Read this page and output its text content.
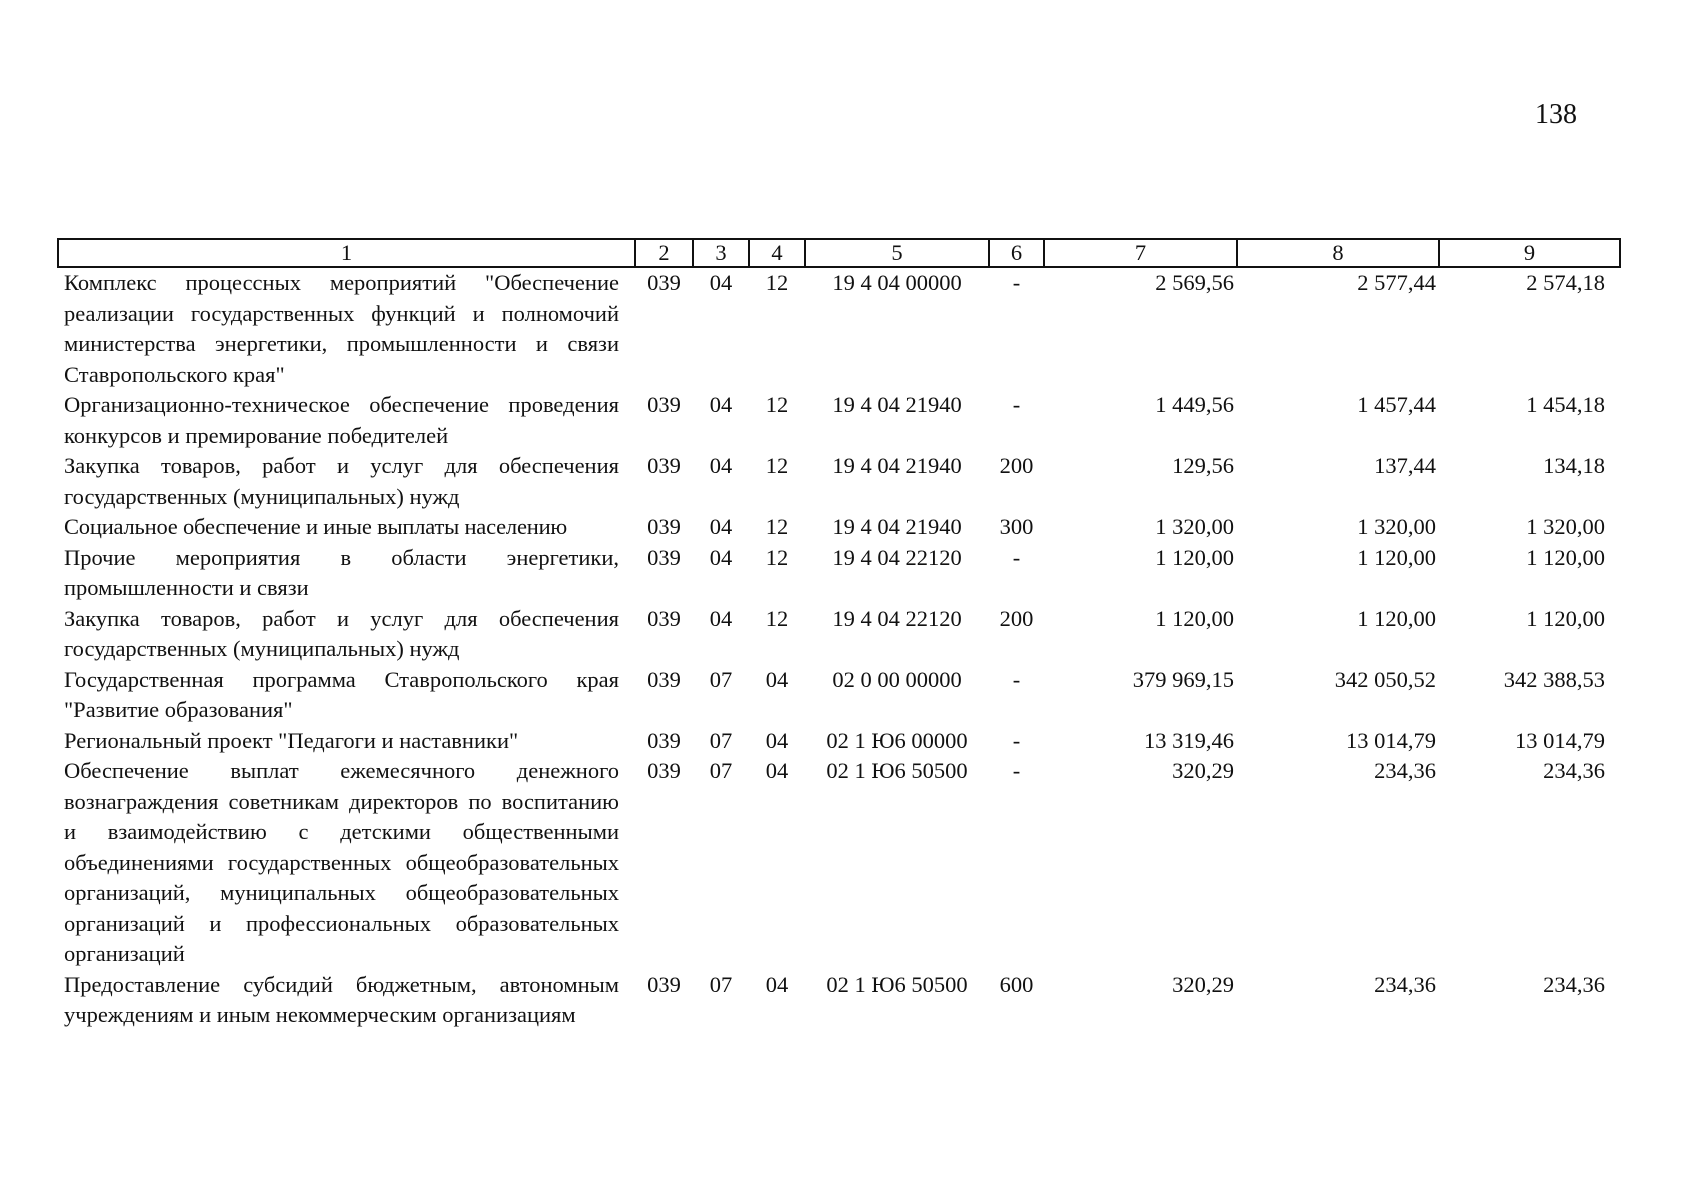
138
1	2	3	4	5	6	7	8	9
Комплекс процессных мероприятий "Обеспечение реализации государственных функций и полномочий министерства энергетики, промышленности и связи Ставропольского края"	039	04	12	19 4 04 00000	-	2 569,56	2 577,44	2 574,18
Организационно-техническое обеспечение проведения конкурсов и премирование победителей	039	04	12	19 4 04 21940	-	1 449,56	1 457,44	1 454,18
Закупка товаров, работ и услуг для обеспечения государственных (муниципальных) нужд	039	04	12	19 4 04 21940	200	129,56	137,44	134,18
Социальное обеспечение и иные выплаты населению	039	04	12	19 4 04 21940	300	1 320,00	1 320,00	1 320,00
Прочие мероприятия в области энергетики, промышленности и связи	039	04	12	19 4 04 22120	-	1 120,00	1 120,00	1 120,00
Закупка товаров, работ и услуг для обеспечения государственных (муниципальных) нужд	039	04	12	19 4 04 22120	200	1 120,00	1 120,00	1 120,00
Государственная программа Ставропольского края "Развитие образования"	039	07	04	02 0 00 00000	-	379 969,15	342 050,52	342 388,53
Региональный проект "Педагоги и наставники"	039	07	04	02 1 Ю6 00000	-	13 319,46	13 014,79	13 014,79
Обеспечение выплат ежемесячного денежного вознаграждения советникам директоров по воспитанию и взаимодействию с детскими общественными объединениями государственных общеобразовательных организаций, муниципальных общеобразовательных организаций и профессиональных образовательных организаций	039	07	04	02 1 Ю6 50500	-	320,29	234,36	234,36
Предоставление субсидий бюджетным, автономным учреждениям и иным некоммерческим организациям	039	07	04	02 1 Ю6 50500	600	320,29	234,36	234,36
